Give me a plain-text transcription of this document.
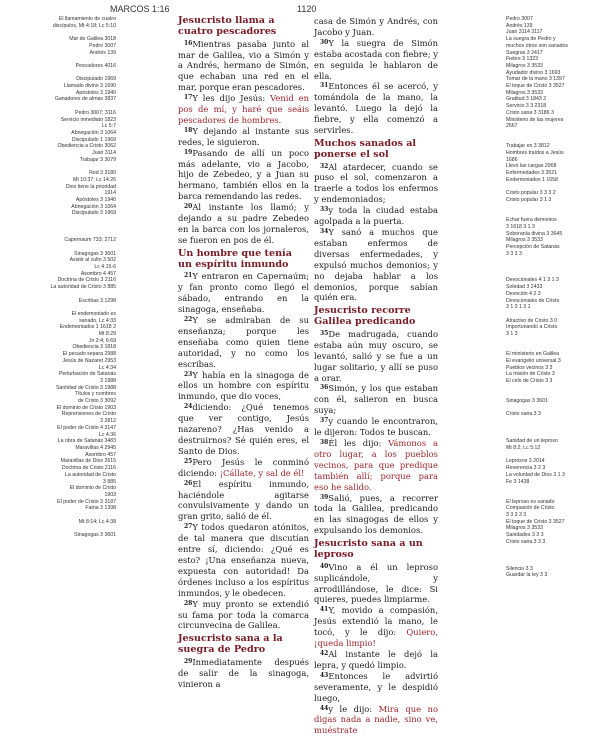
MARCOS 1:16	1120
El llamamiento de cuatro
discípulos, Mt 4:18; Lc 5:10

Mar de Galilea 3018
Pedro 3007
Andrés 139

Pescadores 4016

Discipulado 1969
Llamado divino 3 1690
Apóstoles 3 1940
Ganadores de almas 3837

Pedro 3007; 3116
Servicio inmediato 1823
Lc 5:7
Abnegación 3 1064
Discipulado 1 1969
Obediencia a Cristo 3062
Juan 3114
Trabajar 3 3079

Red 3 3180
Mt 10:37; Lc 14:26
Dios tiene la prioridad
1914
Apóstoles 3 1940
Abnegación 3 1064
Discipulado 3 1969

Capernaum 733; 2712

Sinagogas 3 3601
Asistir al culto 3 502
Lc 4:15-6
Asombro 4 457
Doctrina de Cristo 3 2116
La autoridad de Cristo 3 885

Escribas 3 1298

El endemoniado es
sanado, Lc 4:33
Endemoniados 1 1618 2
Mt 8:29
Jn 2:4; 6:69
Obediencia 3 1818
El pecado separa 2988
Jesús de Nazaret 2953
Lc 4:34
Perturbación de Satanás
3 1988
Santidad de Cristo 3 1988
Títulos y nombres
de Cristo 3 3092
El dominio de Cristo 1903
Reprensiones de Cristo
3 2812
El poder de Cristo 4 3147
Lc 4:36
La obra de Satanás 3483
Maravillas 4 2945
Asombro 457
Maravillas de Dios 2615
Doctrina de Cristo 2116
La autoridad de Cristo
3 885
El dominio de Cristo
1903
El poder de Cristo 3 3187
Fama 3 1398

Mt 8:14; Lc 4:38

Sinagogas 3 3601
Pedro 3007
Andrés 139
Juan 3114 3117
La suegra de Pedro y
muchos otros son sanados
Suegras 3 2417
Fiebre 3 1323
Milagros 3 3533
Ayudador divino 3 1693
Tomar de la mano 3 1397
El toque de Cristo 3 3527
Milagros 3 3533
Gratitud 3 1843 2
Servicio 3 3 2318
Cristo sana 3 3186 3
Ministerio de las mujeres
2667

Trabajar en 3 3812
Hombres traídos a Jesús
1686
Llevó las cargas 2968
Enfermedades 3 3521
Endemoniados 1 1658

Cristo popular 3 3 3 2
Cristo popular 3 1 3

Echar fuera demonios
3 1618 3 1 3
Soberanía divina 3 3645
Milagros 3 3533
Percepción de Satanás
3 3 3 3

Devocionales 4 1 3 1 3
Soledad 3 2433
Devoción 4 2 3
Devocionales de Cristo
3 1 3 1 3 1

Atractivo de Cristo 3 0
Importunando a Cristo
3 1 3

El ministerio en Galilea
El evangelio universal 3
Pueblos vecinos 3 3
La misión de Cristo 3
El celo de Cristo 3 3

Sinagogas 3 3601

Cristo sana 3 3

Sanidad de un leproso
Mt 8:2; Lc 5:12

Leprosos 3 2014
Reverencia 3 2 3
La voluntad de Dios 3 1 3
Fe 3 1438

El leproso es sanado
Compasión de Cristo
3 3 3 3 3
El toque de Cristo 3 3527
Milagros 3 3533
Sanidades 3 3 3
Cristo sana 3 3 3

Silencio 3 3
Guardar la ley 3 3
Jesucristo llama a cuatro pescadores
$^{16}$Mientras pasaba junto al mar de Galilea, vio a Simón y a Andrés, hermano de Simón, que echaban una red en el mar, porque eran pescadores.
$^{17}$Y les dijo Jesús: Venid en pos de mí, y haré que seáis pescadores de hombres.
$^{18}$Y dejando al instante sus redes, le siguieron.
$^{19}$Pasando de allí un poco más adelante, vio a Jacobo, hijo de Zebedeo, y a Juan su hermano, también ellos en la barca remendando las redes.
$^{20}$Al instante los llamó; y dejando a su padre Zebedeo en la barca con los jornaleros, se fueron en pos de él.
Un hombre que tenía un espíritu inmundo
$^{21}$Y entraron en Capernaúm; y fan pronto como llegó el sábado, entrando en la sinagoga, enseñaba.
$^{22}$Y se admiraban de su enseñanza; porque les enseñaba como quien tiene autoridad, y no como los escribas.
$^{23}$Y había en la sinagoga de ellos un hombre con espíritu inmundo, que dio voces,
$^{24}$diciendo: ¿Qué tenemos que ver contigo, Jesús nazareno? ¿Has venido a destruirnos? Sé quién eres, el Santo de Dios.
$^{25}$Pero Jesús le conminó diciendo: ¡Cállate, y sal de él!
$^{26}$El espíritu inmundo, haciéndole agitarse convulsivamente y dando un gran grito, salió de él.
$^{27}$Y todos quedaron atónitos, de tal manera que discutían entre sí, diciendo: ¿Qué es esto? ¡Una enseñanza nueva, expuesta con autoridad! Da órdenes incluso a los espíritus inmundos, y le obedecen.
$^{28}$Y muy pronto se extendió su fama por toda la comarca circunvecina de Galilea.
Jesucristo sana a la suegra de Pedro
$^{29}$Inmediatamente después de salir de la sinagoga, vinieron a
casa de Simón y Andrés, con Jacobo y Juan.
$^{30}$Y la suegra de Simón estaba acostada con fiebre; y en seguida le hablaron de ella.
$^{31}$Entonces él se acercó, y tomándola de la mano, la levantó. Luego la dejó la fiebre, y ella comenzó a servirles.
Muchos sanados al ponerse el sol
$^{32}$Al atardecer, cuando se puso el sol, comenzaron a traerle a todos los enfermos y endemoniados;
$^{33}$y toda la ciudad estaba agolpada a la puerta.
$^{34}$Y sanó a muchos que estaban enfermos de diversas enfermedades, y expulsó muchos demonios; y no dejaba hablar a los demonios, porque sabían quién era.
Jesucristo recorre Galilea predicando
$^{35}$De madrugada, cuando estaba aún muy oscuro, se levantó, salió y se fue a un lugar solitario, y allí se puso a orar.
$^{36}$Simón, y los que estaban con él, salieron en busca suya;
$^{37}$y cuando le encontraron, le dijeron: Todos te buscan.
$^{38}$Él les dijo: Vámonos a otro lugar, a los pueblos vecinos, para que predique también allí; porque para eso he salido.
$^{39}$Salió, pues, a recorrer toda la Galilea, predicando en las sinagogas de ellos y expulsando los demonios.
Jesucristo sana a un leproso
$^{40}$Vino a él un leproso suplicándole, y arrodillándose, le dice: Si quieres, puedes limpiarme.
$^{41}$Y, movido a compasión, Jesús extendió la mano, le tocó, y le dijo: Quiero, ¡queda limpio!
$^{42}$Al instante le dejó la lepra, y quedó limpio.
$^{43}$Entonces le advirtió severamente, y le despidió luego,
$^{44}$y le dijo: Mira que no digas nada a nadie, sino ve, muéstrate
